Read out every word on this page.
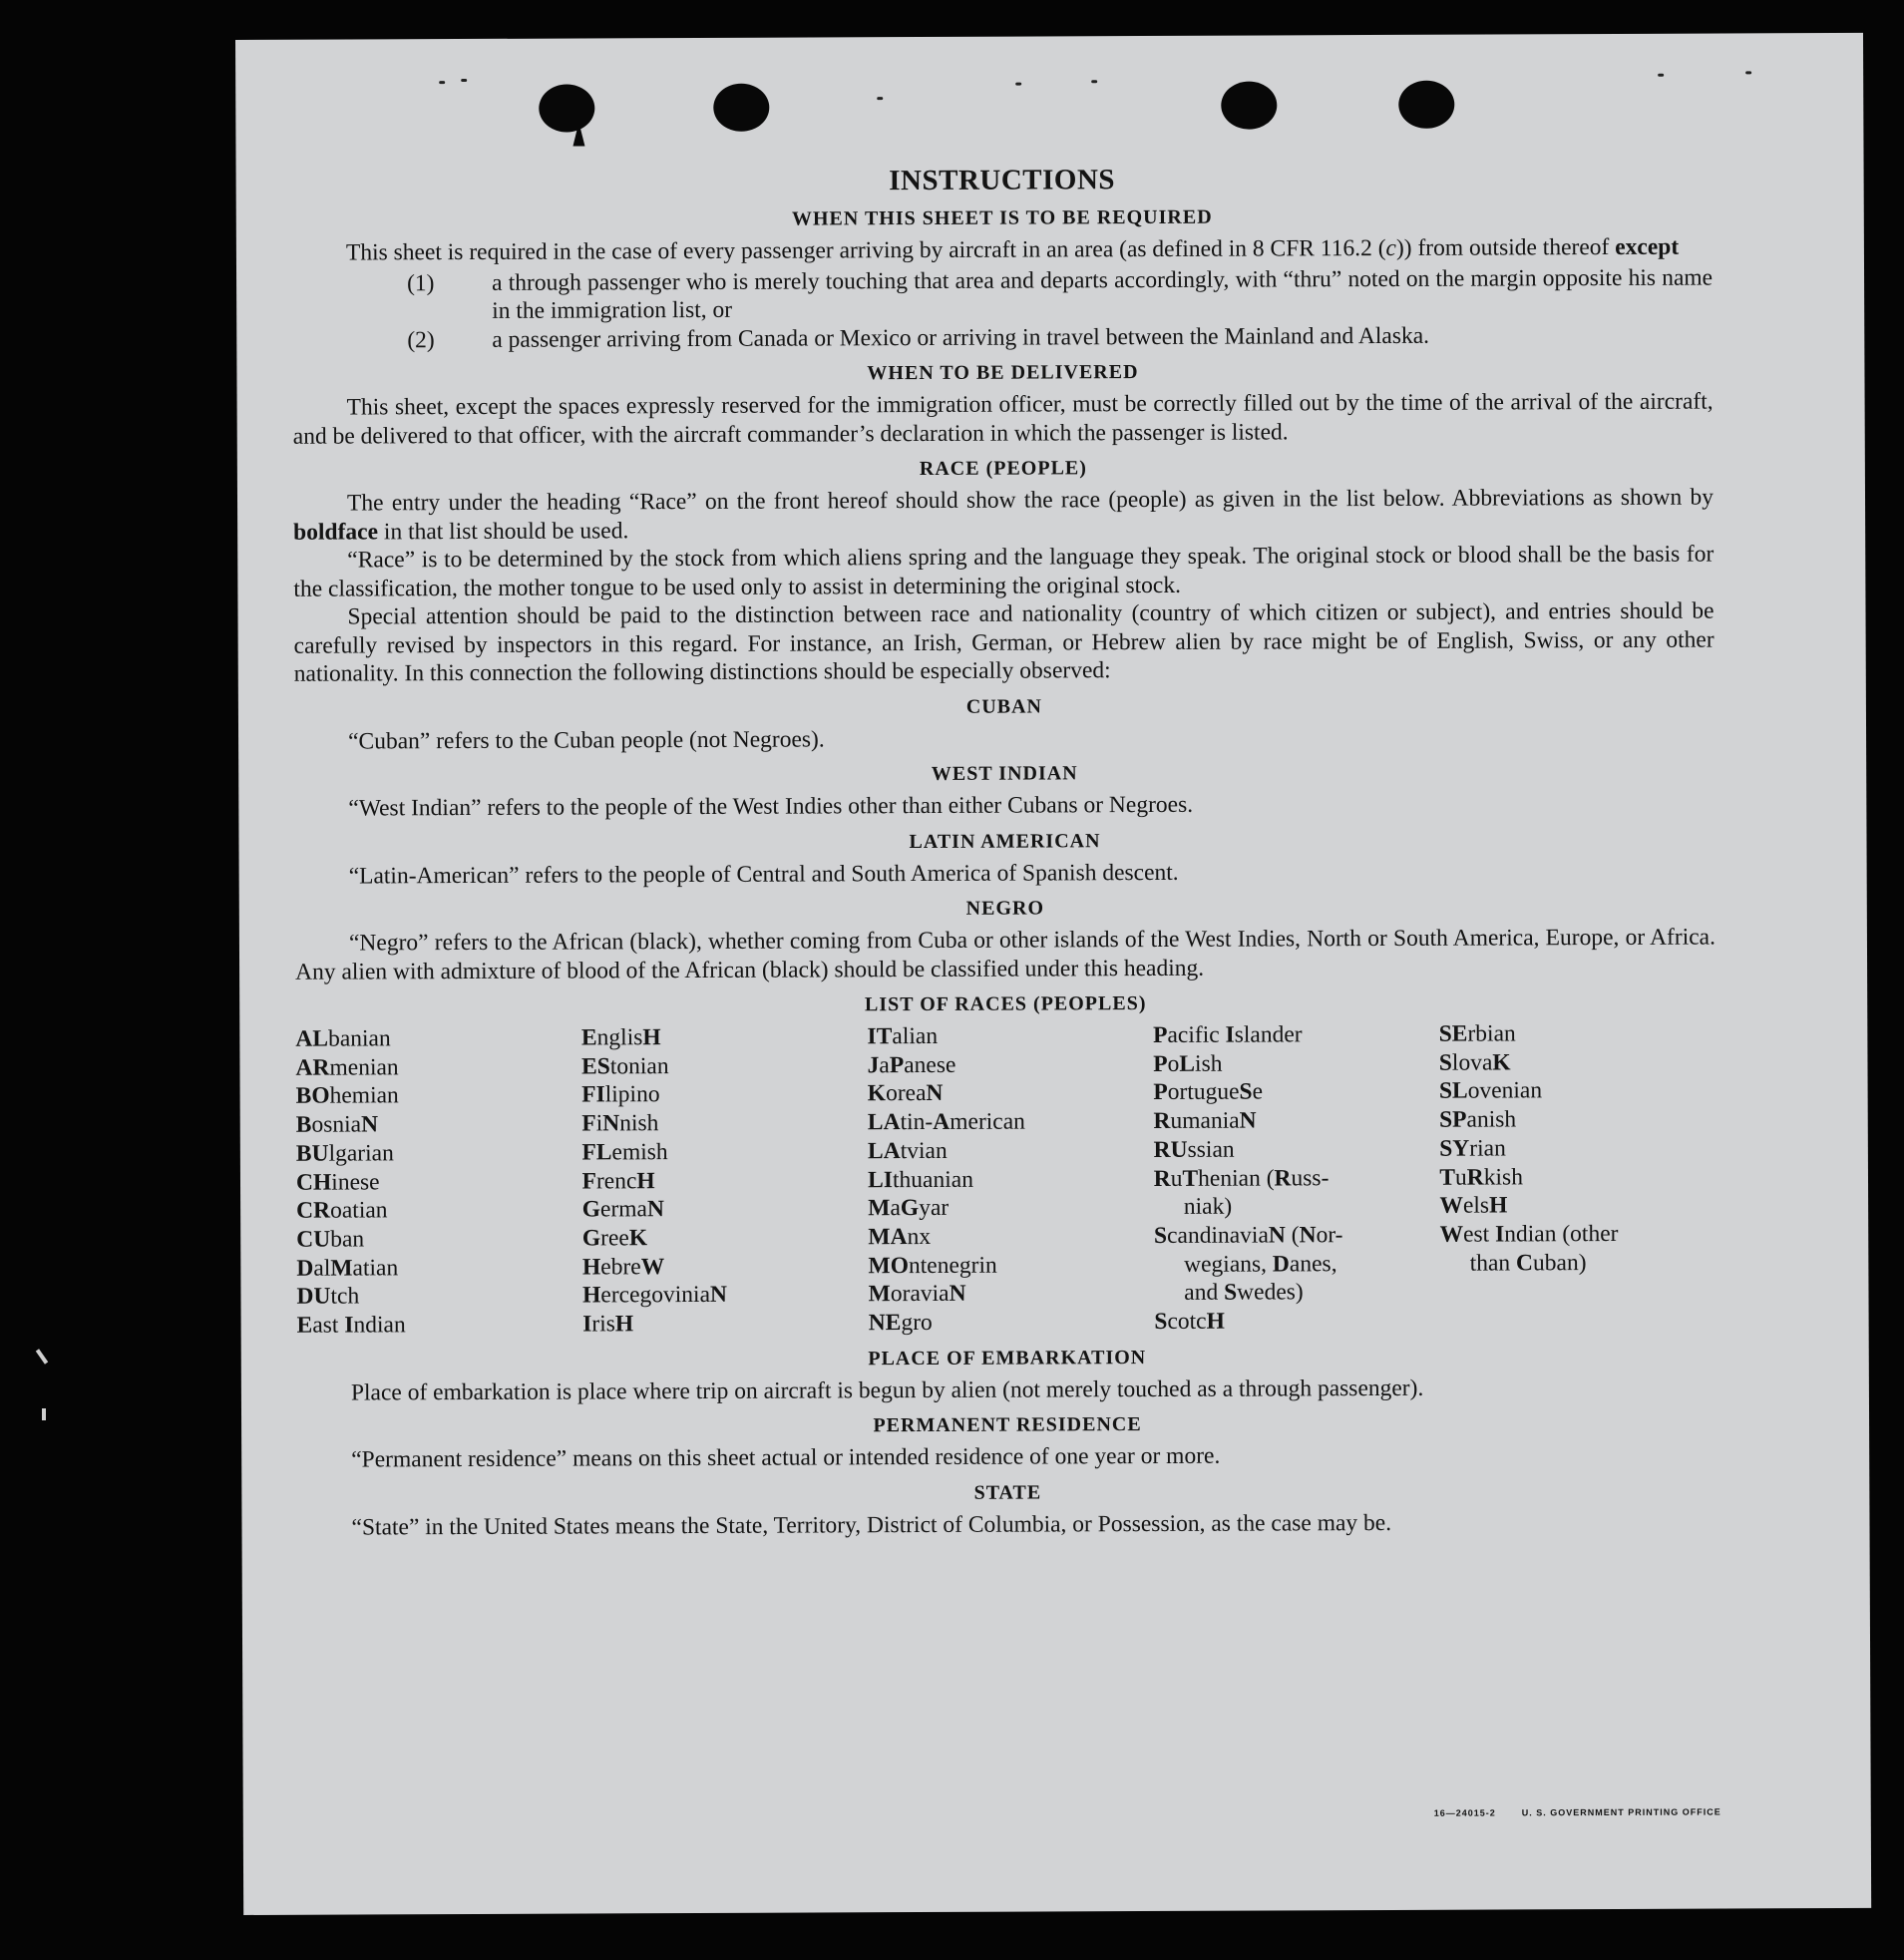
INSTRUCTIONS
WHEN THIS SHEET IS TO BE REQUIRED

This sheet is required in the case of every passenger arriving by aircraft in an area (as defined in 8 CFR 116.2 (c)) from outside thereof except

(1) a through passenger who is merely touching that area and departs accordingly, with “thru” noted on the margin opposite his name in the immigration list, or
(2) a passenger arriving from Canada or Mexico or arriving in travel between the Mainland and Alaska.
WHEN TO BE DELIVERED

This sheet, except the spaces expressly reserved for the immigration officer, must be correctly filled out by the time of the arrival of the aircraft, and be delivered to that officer, with the aircraft commander’s declaration in which the passenger is listed.

RACE (PEOPLE)

The entry under the heading “Race” on the front hereof should show the race (people) as given in the list below. Abbreviations as shown by boldface in that list should be used.

“Race” is to be determined by the stock from which aliens spring and the language they speak. The original stock or blood shall be the basis for the classification, the mother tongue to be used only to assist in determining the original stock.

Special attention should be paid to the distinction between race and nationality (country of which citizen or subject), and entries should be carefully revised by inspectors in this regard. For instance, an Irish, German, or Hebrew alien by race might be of English, Swiss, or any other nationality. In this connection the following distinctions should be especially observed:

CUBAN

“Cuban” refers to the Cuban people (not Negroes).

WEST INDIAN

“West Indian” refers to the people of the West Indies other than either Cubans or Negroes.

LATIN AMERICAN

“Latin-American” refers to the people of Central and South America of Spanish descent.

NEGRO

“Negro” refers to the African (black), whether coming from Cuba or other islands of the West Indies, North or South America, Europe, or Africa. Any alien with admixture of blood of the African (black) should be classified under this heading.

LIST OF RACES (PEOPLES)
ALbanian
ARmenian
BOhemian
BosniaN
BUlgarian
CHinese
CRoatian
CUban
DalMatian
DUtch
East Indian
EnglisH
EStonian
FIlipino
FiNnish
FLemish
FrencH
GermaN
GreeK
HebreW
HercegoviniaN
IrisH
ITalian
JaPanese
KoreaN
LAtin-American
LAtvian
LIthuanian
MaGyar
MAnx
MOntenegrin
MoraviaN
NEgro
Pacific Islander
PoLish
PortugueSe
RumaniaN
RUssian
RuThenian (Russ-
niak)
ScandinaviaN (Nor-
wegians, Danes,
and Swedes)
ScotcH
SErbian
SlovaK
SLovenian
SPanish
SYrian
TuRkish
WelsH
West Indian (other
than Cuban)
PLACE OF EMBARKATION

Place of embarkation is place where trip on aircraft is begun by alien (not merely touched as a through passenger).

PERMANENT RESIDENCE

“Permanent residence” means on this sheet actual or intended residence of one year or more.

STATE

“State” in the United States means the State, Territory, District of Columbia, or Possession, as the case may be.

16—24015-2	U. S. GOVERNMENT PRINTING OFFICE
